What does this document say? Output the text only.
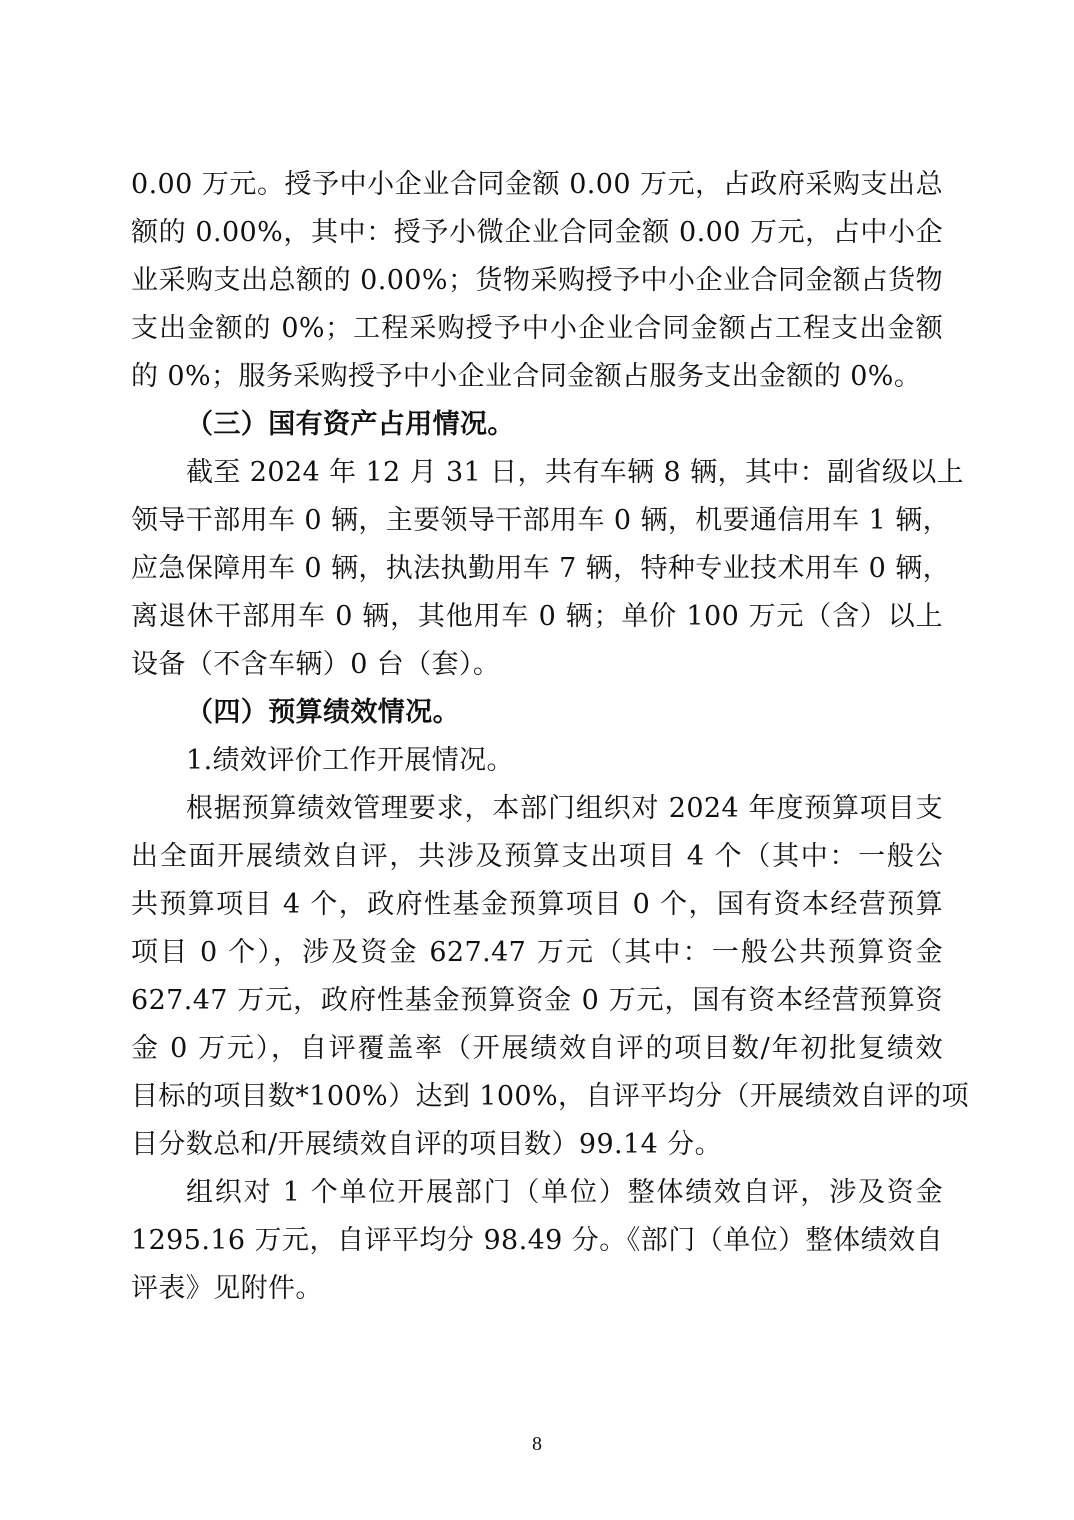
0.00 万元。授予中小企业合同金额 0.00 万元，占政府采购支出总
额的 0.00%，其中：授予小微企业合同金额 0.00 万元，占中小企
业采购支出总额的 0.00%；货物采购授予中小企业合同金额占货物
支出金额的 0%；工程采购授予中小企业合同金额占工程支出金额
的 0%；服务采购授予中小企业合同金额占服务支出金额的 0%。
（三）国有资产占用情况。
截至 2024 年 12 月 31 日，共有车辆 8 辆，其中：副省级以上
领导干部用车 0 辆，主要领导干部用车 0 辆，机要通信用车 1 辆，
应急保障用车 0 辆，执法执勤用车 7 辆，特种专业技术用车 0 辆，
离退休干部用车 0 辆，其他用车 0 辆；单价 100 万元（含）以上
设备（不含车辆）0 台（套）。
（四）预算绩效情况。
1.绩效评价工作开展情况。
根据预算绩效管理要求，本部门组织对 2024 年度预算项目支
出全面开展绩效自评，共涉及预算支出项目 4 个（其中：一般公
共预算项目 4 个，政府性基金预算项目 0 个，国有资本经营预算
项目 0 个），涉及资金 627.47 万元（其中：一般公共预算资金
627.47 万元，政府性基金预算资金 0 万元，国有资本经营预算资
金 0 万元），自评覆盖率（开展绩效自评的项目数/年初批复绩效
目标的项目数*100%）达到 100%，自评平均分（开展绩效自评的项
目分数总和/开展绩效自评的项目数）99.14 分。
组织对 1 个单位开展部门（单位）整体绩效自评，涉及资金
1295.16 万元，自评平均分 98.49 分。《部门（单位）整体绩效自
评表》见附件。
8
